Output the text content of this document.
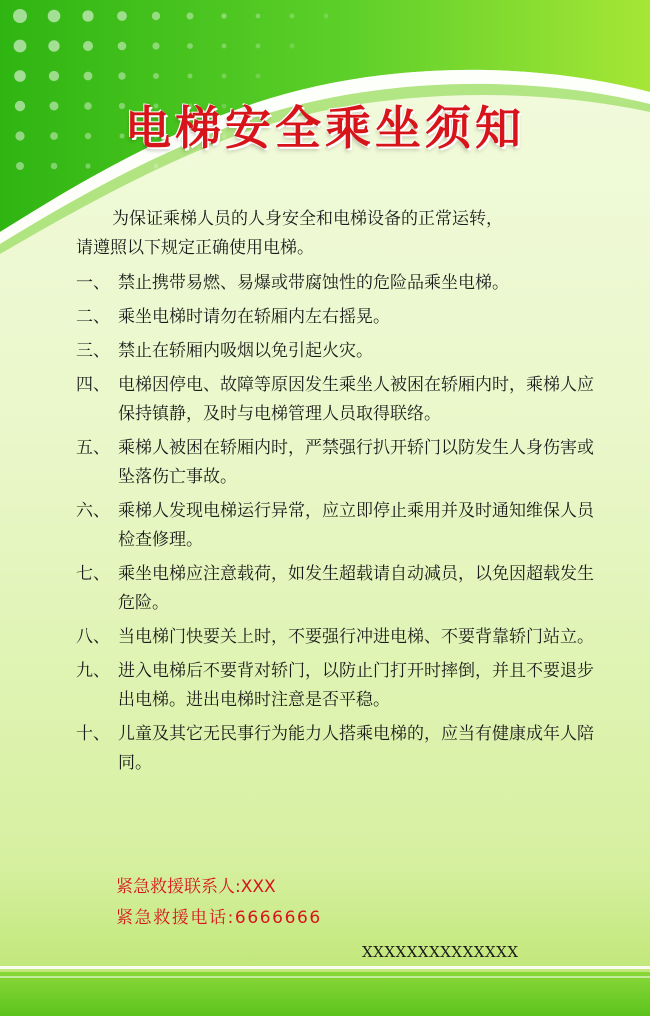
电梯安全乘坐须知
为保证乘梯人员的人身安全和电梯设备的正常运转，
请遵照以下规定正确使用电梯。
一、 禁止携带易燃、易爆或带腐蚀性的危险品乘坐电梯。
二、 乘坐电梯时请勿在轿厢内左右摇晃。
三、 禁止在轿厢内吸烟以免引起火灾。
四、 电梯因停电、故障等原因发生乘坐人被困在轿厢内时，乘梯人应保持镇静，及时与电梯管理人员取得联络。
五、 乘梯人被困在轿厢内时，严禁强行扒开轿门以防发生人身伤害或坠落伤亡事故。
六、 乘梯人发现电梯运行异常，应立即停止乘用并及时通知维保人员检查修理。
七、 乘坐电梯应注意载荷，如发生超载请自动减员，以免因超载发生危险。
八、 当电梯门快要关上时，不要强行冲进电梯、不要背靠轿门站立。
九、 进入电梯后不要背对轿门，以防止门打开时摔倒，并且不要退步出电梯。进出电梯时注意是否平稳。
十、 儿童及其它无民事行为能力人搭乘电梯的，应当有健康成年人陪同。
紧急救援联系人:XXX
紧急救援电话:6666666
XXXXXXXXXXXXXX
